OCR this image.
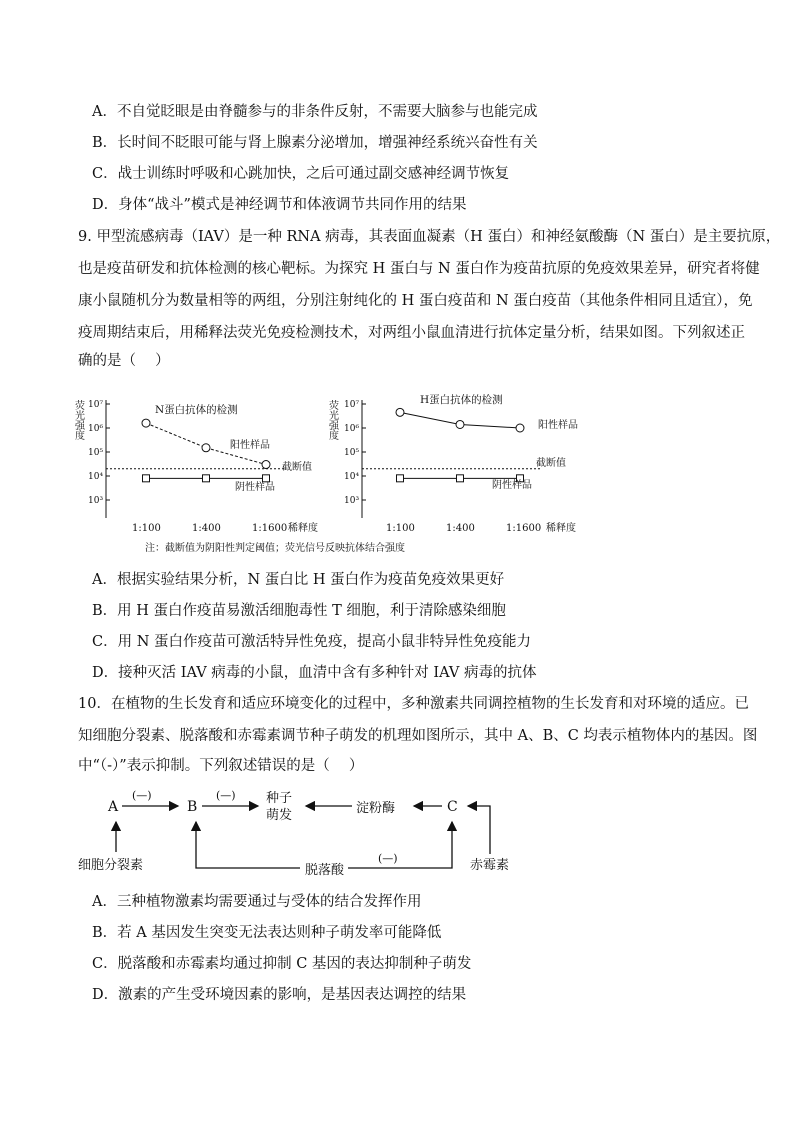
A．不自觉眨眼是由脊髓参与的非条件反射，不需要大脑参与也能完成
B．长时间不眨眼可能与肾上腺素分泌增加，增强神经系统兴奋性有关
C．战士训练时呼吸和心跳加快，之后可通过副交感神经调节恢复
D．身体“战斗”模式是神经调节和体液调节共同作用的结果
9. 甲型流感病毒（IAV）是一种 RNA 病毒，其表面血凝素（H 蛋白）和神经氨酸酶（N 蛋白）是主要抗原，
也是疫苗研发和抗体检测的核心靶标。为探究 H 蛋白与 N 蛋白作为疫苗抗原的免疫效果差异，研究者将健
康小鼠随机分为数量相等的两组，分别注射纯化的 H 蛋白疫苗和 N 蛋白疫苗（其他条件相同且适宜），免
疫周期结束后，用稀释法荧光免疫检测技术，对两组小鼠血清进行抗体定量分析，结果如图。下列叙述正
确的是（　 ）
荧光强度
10³
10⁴
10⁵
10⁶
10⁷	N蛋白抗体的检测
阳性样品
截断值
阴性样品
1:100	1:400	1:1600 稀释度
荧光强度
10³
10⁴
10⁵
10⁶
10⁷	H蛋白抗体的检测
阳性样品
截断值
阴性样品
1:100	1:400	1:1600 稀释度
注：截断值为阴阳性判定阈值；荧光信号反映抗体结合强度
A．根据实验结果分析，N 蛋白比 H 蛋白作为疫苗免疫效果更好
B．用 H 蛋白作疫苗易激活细胞毒性 T 细胞，利于清除感染细胞
C．用 N 蛋白作疫苗可激活特异性免疫，提高小鼠非特异性免疫能力
D．接种灭活 IAV 病毒的小鼠，血清中含有多种针对 IAV 病毒的抗体
10．在植物的生长发育和适应环境变化的过程中，多种激素共同调控植物的生长发育和对环境的适应。已
知细胞分裂素、脱落酸和赤霉素调节种子萌发的机理如图所示，其中 A、B、C 均表示植物体内的基因。图
中“（-）”表示抑制。下列叙述错误的是（　 ）
A	B	C
种子
萌发	淀粉酶
细胞分裂素	脱落酸	赤霉素
(—)	(—)
(—)
A．三种植物激素均需要通过与受体的结合发挥作用
B．若 A 基因发生突变无法表达则种子萌发率可能降低
C．脱落酸和赤霉素均通过抑制 C 基因的表达抑制种子萌发
D．激素的产生受环境因素的影响，是基因表达调控的结果
